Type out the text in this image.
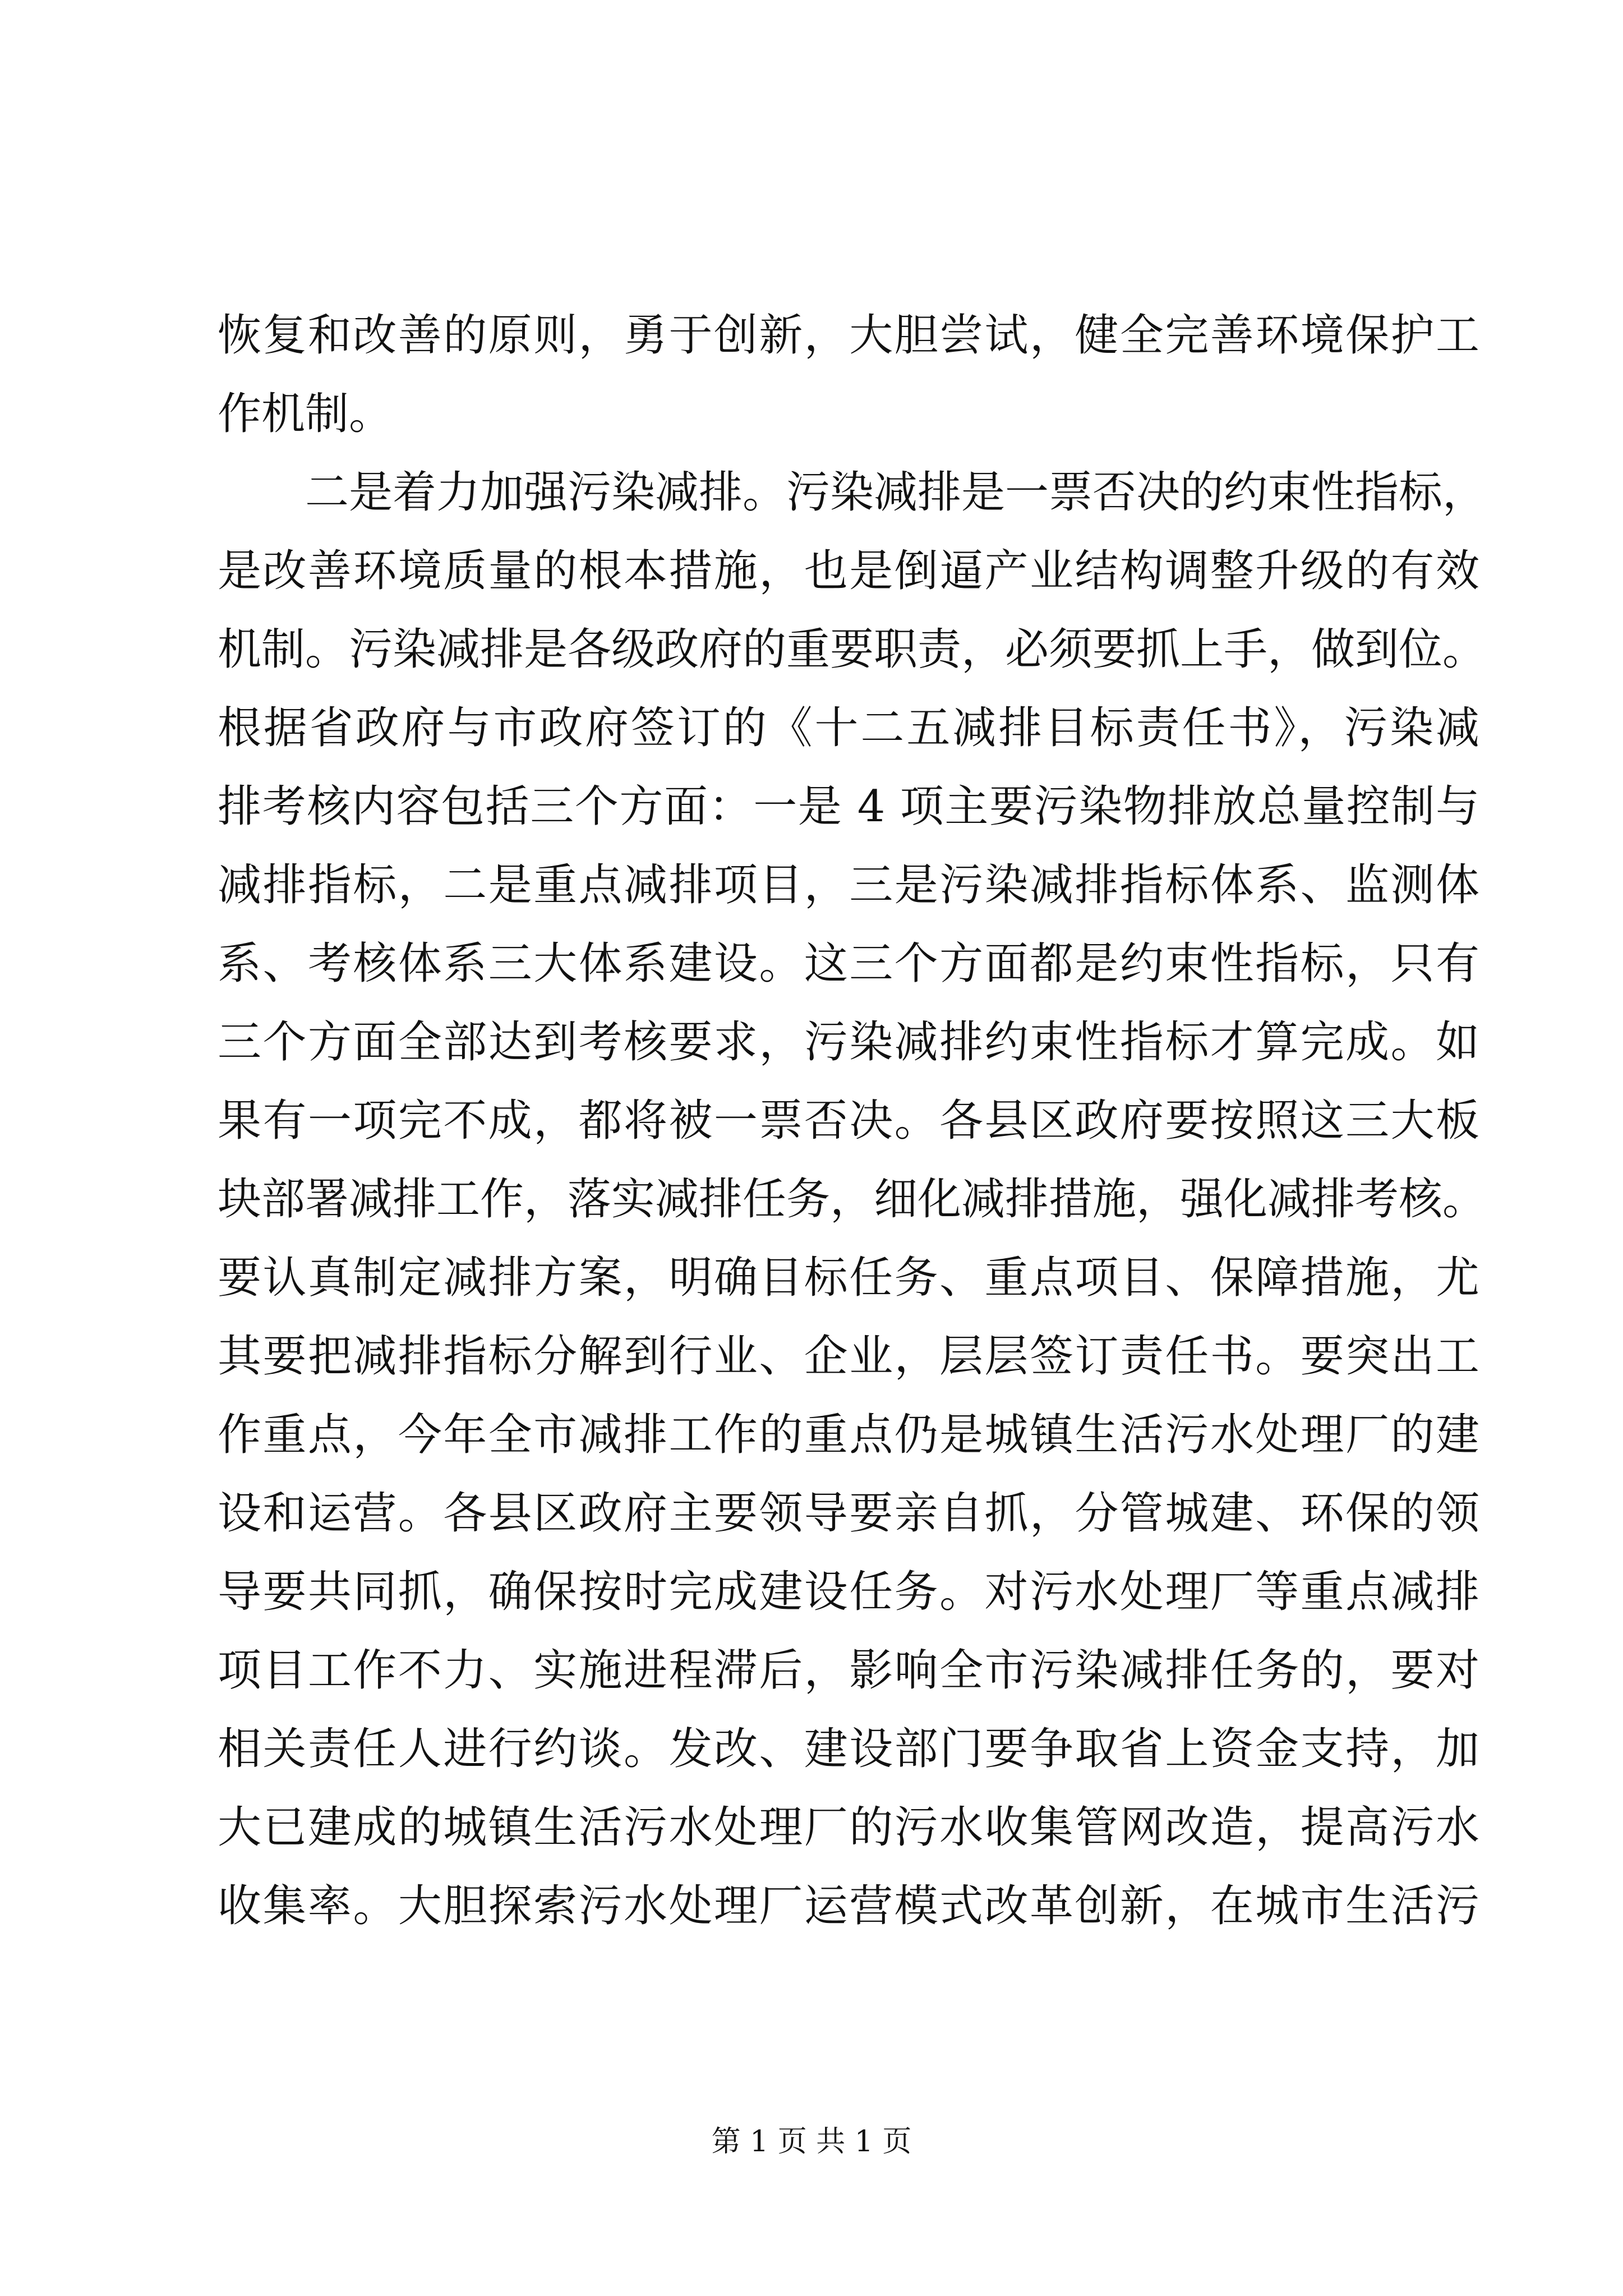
恢复和改善的原则，勇于创新，大胆尝试，健全完善环境保护工
作机制。
二是着力加强污染减排。污染减排是一票否决的约束性指标，
是改善环境质量的根本措施，也是倒逼产业结构调整升级的有效
机制。污染减排是各级政府的重要职责，必须要抓上手，做到位。
根据省政府与市政府签订的《十二五减排目标责任书》，污染减
排考核内容包括三个方面：一是 4 项主要污染物排放总量控制与
减排指标，二是重点减排项目，三是污染减排指标体系、监测体
系、考核体系三大体系建设。这三个方面都是约束性指标，只有
三个方面全部达到考核要求，污染减排约束性指标才算完成。如
果有一项完不成，都将被一票否决。各县区政府要按照这三大板
块部署减排工作，落实减排任务，细化减排措施，强化减排考核。
要认真制定减排方案，明确目标任务、重点项目、保障措施，尤
其要把减排指标分解到行业、企业，层层签订责任书。要突出工
作重点，今年全市减排工作的重点仍是城镇生活污水处理厂的建
设和运营。各县区政府主要领导要亲自抓，分管城建、环保的领
导要共同抓，确保按时完成建设任务。对污水处理厂等重点减排
项目工作不力、实施进程滞后，影响全市污染减排任务的，要对
相关责任人进行约谈。发改、建设部门要争取省上资金支持，加
大已建成的城镇生活污水处理厂的污水收集管网改造，提高污水
收集率。大胆探索污水处理厂运营模式改革创新，在城市生活污
第 1 页 共 1 页
